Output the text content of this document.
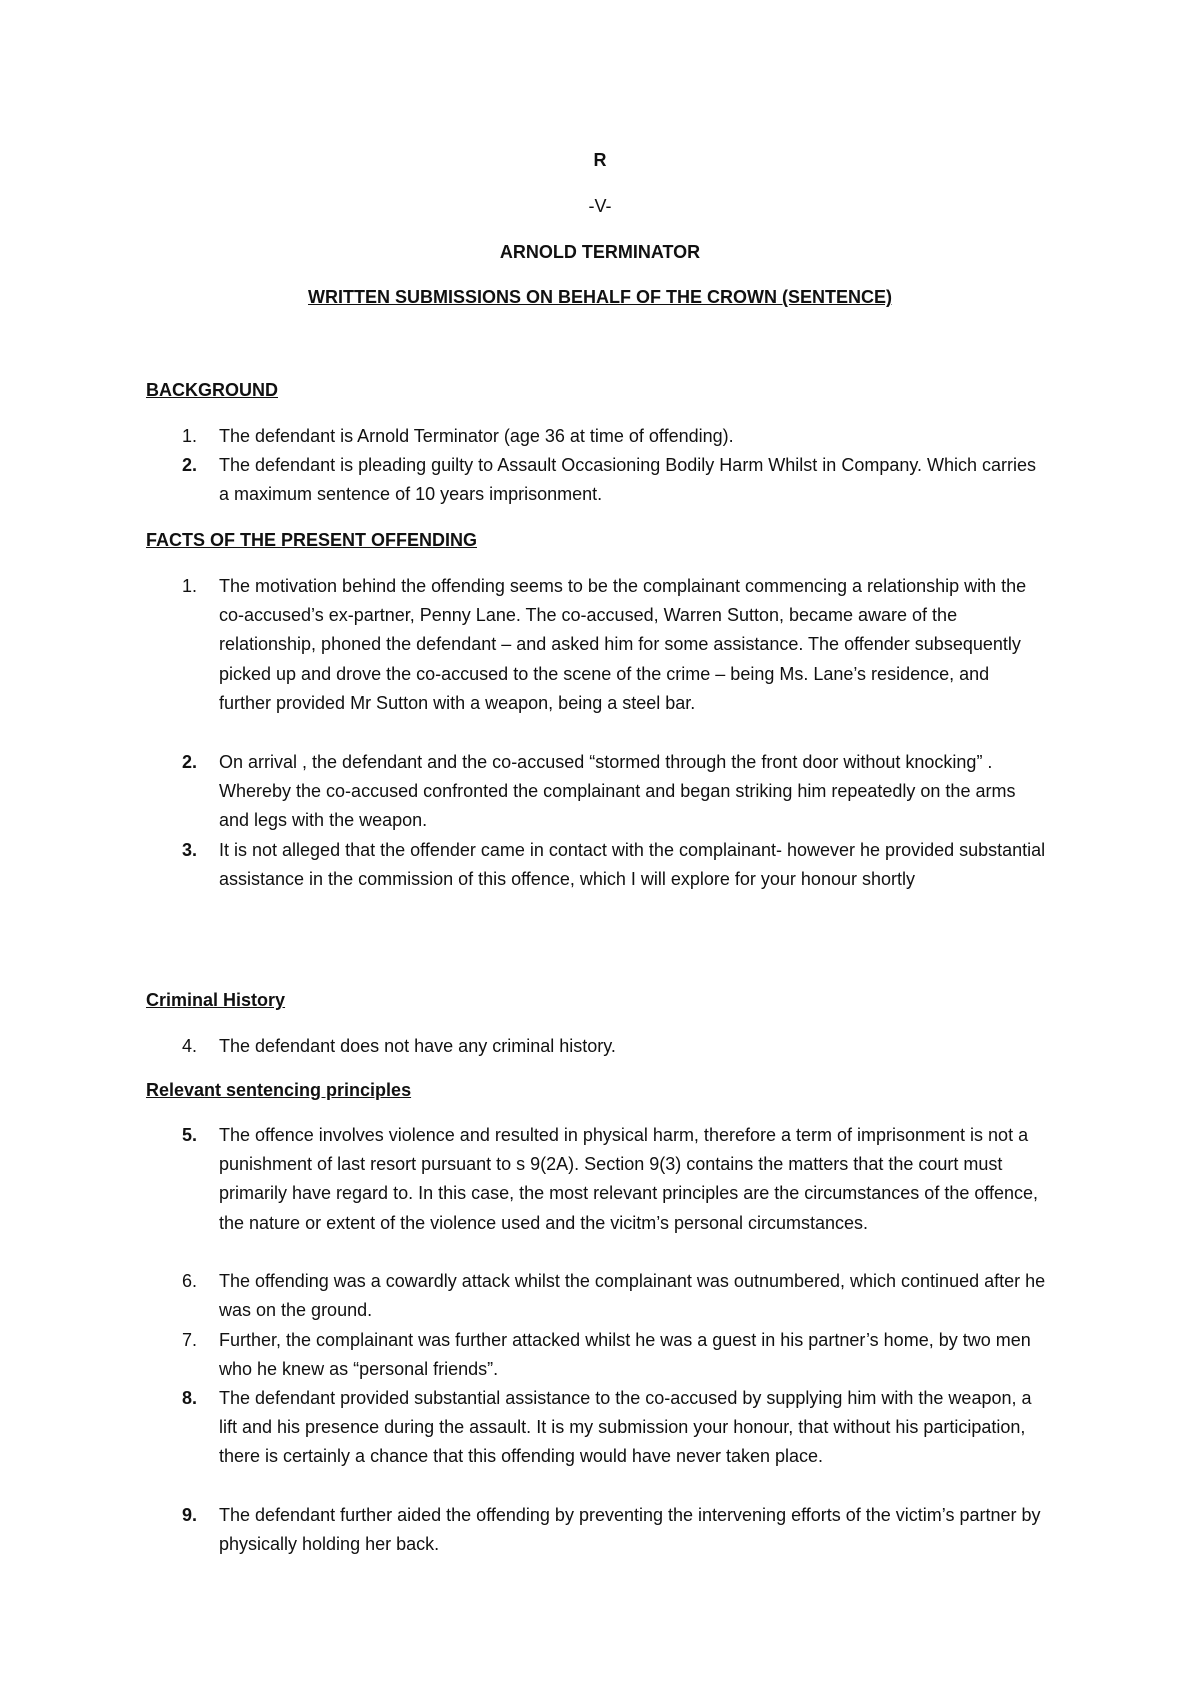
R
-V-
ARNOLD TERMINATOR
WRITTEN SUBMISSIONS ON BEHALF OF THE CROWN (SENTENCE)
BACKGROUND
1.	The defendant is Arnold Terminator (age 36 at time of offending).
2.	The defendant is pleading guilty to Assault Occasioning Bodily Harm Whilst in Company. Which carries a maximum sentence of 10 years imprisonment.
FACTS OF THE PRESENT OFFENDING
1.	The motivation behind the offending seems to be the complainant commencing a relationship with the co-accused’s ex-partner, Penny Lane. The co-accused, Warren Sutton, became aware of the relationship, phoned the defendant – and asked him for some assistance. The offender subsequently picked up and drove the co-accused to the scene of the crime – being Ms. Lane’s residence, and further provided Mr Sutton with a weapon, being a steel bar.
2.	On arrival , the defendant and the co-accused “stormed through the front door without knocking” . Whereby the co-accused confronted the complainant and began striking him repeatedly on the arms and legs with the weapon.
3.	It is not alleged that the offender came in contact with the complainant- however he provided substantial assistance in the commission of this offence, which I will explore for your honour shortly
Criminal History
4.	The defendant does not have any criminal history.
Relevant sentencing principles
5.	The offence involves violence and resulted in physical harm, therefore a term of imprisonment is not a punishment of last resort pursuant to s 9(2A). Section 9(3) contains the matters that the court must primarily have regard to. In this case, the most relevant principles are the circumstances of the offence, the nature or extent of the violence used and the vicitm’s personal circumstances.
6.	The offending was a cowardly attack whilst the complainant was outnumbered, which continued after he was on the ground.
7.	Further, the complainant was further attacked whilst he was a guest in his partner’s home, by two men who he knew as “personal friends”.
8.	The defendant provided substantial assistance to the co-accused by supplying him with the weapon, a lift and his presence during the assault. It is my submission your honour, that without his participation, there is certainly a chance that this offending would have never taken place.
9.	The defendant further aided the offending by preventing the intervening efforts of the victim’s partner by physically holding her back.
